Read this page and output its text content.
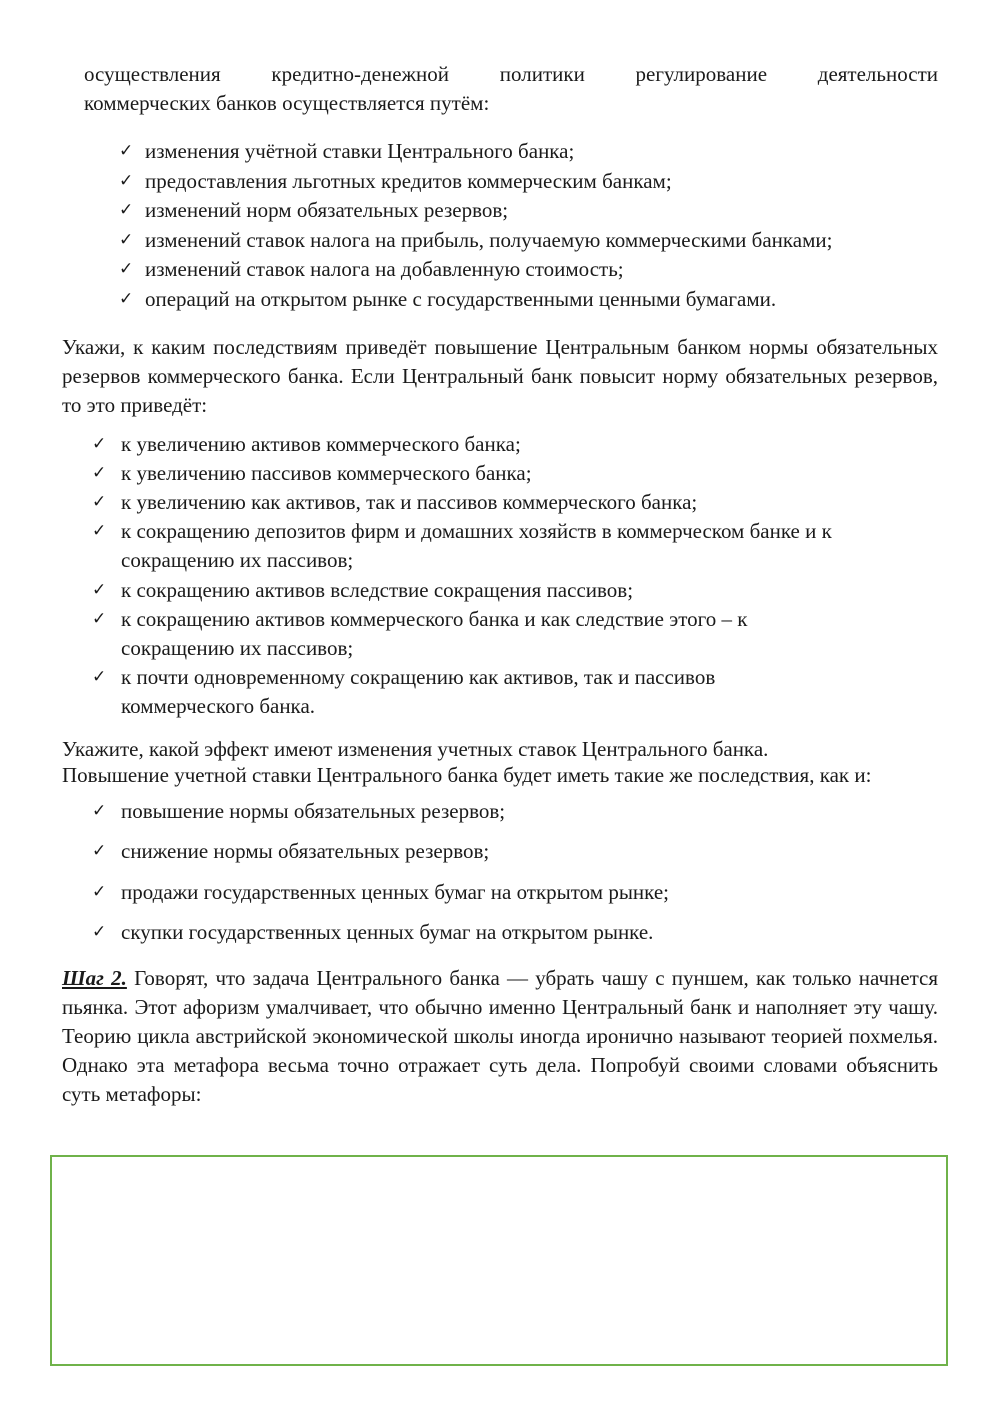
осуществления кредитно-денежной политики регулирование деятельности

коммерческих банков осуществляется путём:

✓ изменения учётной ставки Центрального банка;
✓ предоставления льготных кредитов коммерческим банкам;
✓ изменений норм обязательных резервов;
✓ изменений ставок налога на прибыль, получаемую коммерческими банками;
✓ изменений ставок налога на добавленную стоимость;
✓ операций на открытом рынке с государственными ценными бумагами.

Укажи, к каким последствиям приведёт повышение Центральным банком нормы обязательных резервов коммерческого банка. Если Центральный банк повысит норму обязательных резервов, то это приведёт:

✓ к увеличению активов коммерческого банка;
✓ к увеличению пассивов коммерческого банка;
✓ к увеличению как активов, так и пассивов коммерческого банка;
✓ к сокращению депозитов фирм и домашних хозяйств в коммерческом банке и к сокращению их пассивов;
✓ к сокращению активов вследствие сокращения пассивов;
✓ к сокращению активов коммерческого банка и как следствие этого – к сокращению их пассивов;
✓ к почти одновременному сокращению как активов, так и пассивов коммерческого банка.

Укажите, какой эффект имеют изменения учетных ставок Центрального банка.

Повышение учетной ставки Центрального банка будет иметь такие же последствия, как и:

✓ повышение нормы обязательных резервов;
✓ снижение нормы обязательных резервов;
✓ продажи государственных ценных бумаг на открытом рынке;
✓ скупки государственных ценных бумаг на открытом рынке.

Шаг 2. Говорят, что задача Центрального банка — убрать чашу с пуншем, как только начнется пьянка. Этот афоризм умалчивает, что обычно именно Центральный банк и наполняет эту чашу. Теорию цикла австрийской экономической школы иногда иронично называют теорией похмелья. Однако эта метафора весьма точно отражает суть дела. Попробуй своими словами объяснить суть метафоры:
